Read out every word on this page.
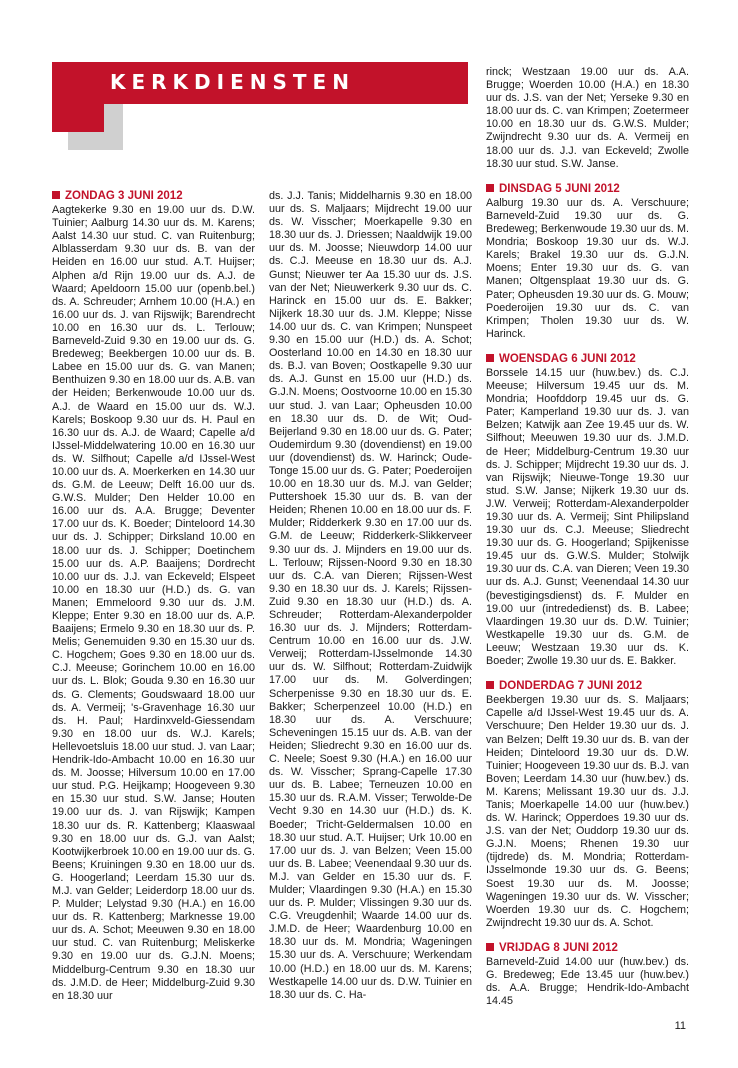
KERKDIENSTEN
ZONDAG 3 JUNI 2012

Aagtekerke 9.30 en 19.00 uur ds. D.W. Tuinier; Aalburg 14.30 uur ds. M. Karens; Aalst 14.30 uur stud. C. van Ruitenburg; Alblasserdam 9.30 uur ds. B. van der Heiden en 16.00 uur stud. A.T. Huijser; Alphen a/d Rijn 19.00 uur ds. A.J. de Waard; Apeldoorn 15.00 uur (openb.bel.) ds. A. Schreuder; Arnhem 10.00 (H.A.) en 16.00 uur ds. J. van Rijswijk; Barendrecht 10.00 en 16.30 uur ds. L. Terlouw; Barneveld-Zuid 9.30 en 19.00 uur ds. G. Bredeweg; Beekbergen 10.00 uur ds. B. Labee en 15.00 uur ds. G. van Manen; Benthuizen 9.30 en 18.00 uur ds. A.B. van der Heiden; Berkenwoude 10.00 uur ds. A.J. de Waard en 15.00 uur ds. W.J. Karels; Boskoop 9.30 uur ds. H. Paul en 16.30 uur ds. A.J. de Waard; Capelle a/d IJssel-Middelwatering 10.00 en 16.30 uur ds. W. Silfhout; Capelle a/d IJssel-West 10.00 uur ds. A. Moerkerken en 14.30 uur ds. G.M. de Leeuw; Delft 16.00 uur ds. G.W.S. Mulder; Den Helder 10.00 en 16.00 uur ds. A.A. Brugge; Deventer 17.00 uur ds. K. Boeder; Dinteloord 14.30 uur ds. J. Schipper; Dirksland 10.00 en 18.00 uur ds. J. Schipper; Doetinchem 15.00 uur ds. A.P. Baaijens; Dordrecht 10.00 uur ds. J.J. van Eckeveld; Elspeet 10.00 en 18.30 uur (H.D.) ds. G. van Manen; Emmeloord 9.30 uur ds. J.M. Kleppe; Enter 9.30 en 18.00 uur ds. A.P. Baaijens; Ermelo 9.30 en 18.30 uur ds. P. Melis; Genemuiden 9.30 en 15.30 uur ds. C. Hogchem; Goes 9.30 en 18.00 uur ds. C.J. Meeuse; Gorinchem 10.00 en 16.00 uur ds. L. Blok; Gouda 9.30 en 16.30 uur ds. G. Clements; Goudswaard 18.00 uur ds. A. Vermeij; 's-Gravenhage 16.30 uur ds. H. Paul; Hardinxveld-Giessendam 9.30 en 18.00 uur ds. W.J. Karels; Hellevoetsluis 18.00 uur stud. J. van Laar; Hendrik-Ido-Ambacht 10.00 en 16.30 uur ds. M. Joosse; Hilversum 10.00 en 17.00 uur stud. P.G. Heijkamp; Hoogeveen 9.30 en 15.30 uur stud. S.W. Janse; Houten 19.00 uur ds. J. van Rijswijk; Kampen 18.30 uur ds. R. Kattenberg; Klaaswaal 9.30 en 18.00 uur ds. G.J. van Aalst; Kootwijkerbroek 10.00 en 19.00 uur ds. G. Beens; Kruiningen 9.30 en 18.00 uur ds. G. Hoogerland; Leerdam 15.30 uur ds. M.J. van Gelder; Leiderdorp 18.00 uur ds. P. Mulder; Lelystad 9.30 (H.A.) en 16.00 uur ds. R. Kattenberg; Marknesse 19.00 uur ds. A. Schot; Meeuwen 9.30 en 18.00 uur stud. C. van Ruitenburg; Meliskerke 9.30 en 19.00 uur ds. G.J.N. Moens; Middelburg-Centrum 9.30 en 18.30 uur ds. J.M.D. de Heer; Middelburg-Zuid 9.30 en 18.30 uur

ds. J.J. Tanis; Middelharnis 9.30 en 18.00 uur ds. S. Maljaars; Mijdrecht 19.00 uur ds. W. Visscher; Moerkapelle 9.30 en 18.30 uur ds. J. Driessen; Naaldwijk 19.00 uur ds. M. Joosse; Nieuwdorp 14.00 uur ds. C.J. Meeuse en 18.30 uur ds. A.J. Gunst; Nieuwer ter Aa 15.30 uur ds. J.S. van der Net; Nieuwerkerk 9.30 uur ds. C. Harinck en 15.00 uur ds. E. Bakker; Nijkerk 18.30 uur ds. J.M. Kleppe; Nisse 14.00 uur ds. C. van Krimpen; Nunspeet 9.30 en 15.00 uur (H.D.) ds. A. Schot; Oosterland 10.00 en 14.30 en 18.30 uur ds. B.J. van Boven; Oostkapelle 9.30 uur ds. A.J. Gunst en 15.00 uur (H.D.) ds. G.J.N. Moens; Oostvoorne 10.00 en 15.30 uur stud. J. van Laar; Opheusden 10.00 en 18.30 uur ds. D. de Wit; Oud-Beijerland 9.30 en 18.00 uur ds. G. Pater; Oudemirdum 9.30 (dovendienst) en 19.00 uur (dovendienst) ds. W. Harinck; Oude-Tonge 15.00 uur ds. G. Pater; Poederoijen 10.00 en 18.30 uur ds. M.J. van Gelder; Puttershoek 15.30 uur ds. B. van der Heiden; Rhenen 10.00 en 18.00 uur ds. F. Mulder; Ridderkerk 9.30 en 17.00 uur ds. G.M. de Leeuw; Ridderkerk-Slikkerveer 9.30 uur ds. J. Mijnders en 19.00 uur ds. L. Terlouw; Rijssen-Noord 9.30 en 18.30 uur ds. C.A. van Dieren; Rijssen-West 9.30 en 18.30 uur ds. J. Karels; Rijssen-Zuid 9.30 en 18.30 uur (H.D.) ds. A. Schreuder; Rotterdam-Alexanderpolder 16.30 uur ds. J. Mijnders; Rotterdam-Centrum 10.00 en 16.00 uur ds. J.W. Verweij; Rotterdam-IJsselmonde 14.30 uur ds. W. Silfhout; Rotterdam-Zuidwijk 17.00 uur ds. M. Golverdingen; Scherpenisse 9.30 en 18.30 uur ds. E. Bakker; Scherpenzeel 10.00 (H.D.) en 18.30 uur ds. A. Verschuure; Scheveningen 15.15 uur ds. A.B. van der Heiden; Sliedrecht 9.30 en 16.00 uur ds. C. Neele; Soest 9.30 (H.A.) en 16.00 uur ds. W. Visscher; Sprang-Capelle 17.30 uur ds. B. Labee; Terneuzen 10.00 en 15.30 uur ds. R.A.M. Visser; Terwolde-De Vecht 9.30 en 14.30 uur (H.D.) ds. K. Boeder; Tricht-Geldermalsen 10.00 en 18.30 uur stud. A.T. Huijser; Urk 10.00 en 17.00 uur ds. J. van Belzen; Veen 15.00 uur ds. B. Labee; Veenendaal 9.30 uur ds. M.J. van Gelder en 15.30 uur ds. F. Mulder; Vlaardingen 9.30 (H.A.) en 15.30 uur ds. P. Mulder; Vlissingen 9.30 uur ds. C.G. Vreugdenhil; Waarde 14.00 uur ds. J.M.D. de Heer; Waardenburg 10.00 en 18.30 uur ds. M. Mondria; Wageningen 15.30 uur ds. A. Verschuure; Werkendam 10.00 (H.D.) en 18.00 uur ds. M. Karens; Westkapelle 14.00 uur ds. D.W. Tuinier en 18.30 uur ds. C. Ha-

rinck; Westzaan 19.00 uur ds. A.A. Brugge; Woerden 10.00 (H.A.) en 18.30 uur ds. J.S. van der Net; Yerseke 9.30 en 18.00 uur ds. C. van Krimpen; Zoetermeer 10.00 en 18.30 uur ds. G.W.S. Mulder; Zwijndrecht 9.30 uur ds. A. Vermeij en 18.00 uur ds. J.J. van Eckeveld; Zwolle 18.30 uur stud. S.W. Janse.

DINSDAG 5 JUNI 2012

Aalburg 19.30 uur ds. A. Verschuure; Barneveld-Zuid 19.30 uur ds. G. Bredeweg; Berkenwoude 19.30 uur ds. M. Mondria; Boskoop 19.30 uur ds. W.J. Karels; Brakel 19.30 uur ds. G.J.N. Moens; Enter 19.30 uur ds. G. van Manen; Oltgensplaat 19.30 uur ds. G. Pater; Opheusden 19.30 uur ds. G. Mouw; Poederoijen 19.30 uur ds. C. van Krimpen; Tholen 19.30 uur ds. W. Harinck.

WOENSDAG 6 JUNI 2012

Borssele 14.15 uur (huw.bev.) ds. C.J. Meeuse; Hilversum 19.45 uur ds. M. Mondria; Hoofddorp 19.45 uur ds. G. Pater; Kamperland 19.30 uur ds. J. van Belzen; Katwijk aan Zee 19.45 uur ds. W. Silfhout; Meeuwen 19.30 uur ds. J.M.D. de Heer; Middelburg-Centrum 19.30 uur ds. J. Schipper; Mijdrecht 19.30 uur ds. J. van Rijswijk; Nieuwe-Tonge 19.30 uur stud. S.W. Janse; Nijkerk 19.30 uur ds. J.W. Verweij; Rotterdam-Alexanderpolder 19.30 uur ds. A. Vermeij; Sint Philipsland 19.30 uur ds. C.J. Meeuse; Sliedrecht 19.30 uur ds. G. Hoogerland; Spijkenisse 19.45 uur ds. G.W.S. Mulder; Stolwijk 19.30 uur ds. C.A. van Dieren; Veen 19.30 uur ds. A.J. Gunst; Veenendaal 14.30 uur (bevestigingsdienst) ds. F. Mulder en 19.00 uur (intrededienst) ds. B. Labee; Vlaardingen 19.30 uur ds. D.W. Tuinier; Westkapelle 19.30 uur ds. G.M. de Leeuw; Westzaan 19.30 uur ds. K. Boeder; Zwolle 19.30 uur ds. E. Bakker.

DONDERDAG 7 JUNI 2012

Beekbergen 19.30 uur ds. S. Maljaars; Capelle a/d IJssel-West 19.45 uur ds. A. Verschuure; Den Helder 19.30 uur ds. J. van Belzen; Delft 19.30 uur ds. B. van der Heiden; Dinteloord 19.30 uur ds. D.W. Tuinier; Hoogeveen 19.30 uur ds. B.J. van Boven; Leerdam 14.30 uur (huw.bev.) ds. M. Karens; Melissant 19.30 uur ds. J.J. Tanis; Moerkapelle 14.00 uur (huw.bev.) ds. W. Harinck; Opperdoes 19.30 uur ds. J.S. van der Net; Ouddorp 19.30 uur ds. G.J.N. Moens; Rhenen 19.30 uur (tijdrede) ds. M. Mondria; Rotterdam-IJsselmonde 19.30 uur ds. G. Beens; Soest 19.30 uur ds. M. Joosse; Wageningen 19.30 uur ds. W. Visscher; Woerden 19.30 uur ds. C. Hogchem; Zwijndrecht 19.30 uur ds. A. Schot.

VRIJDAG 8 JUNI 2012

Barneveld-Zuid 14.00 uur (huw.bev.) ds. G. Bredeweg; Ede 13.45 uur (huw.bev.) ds. A.A. Brugge; Hendrik-Ido-Ambacht 14.45

11
